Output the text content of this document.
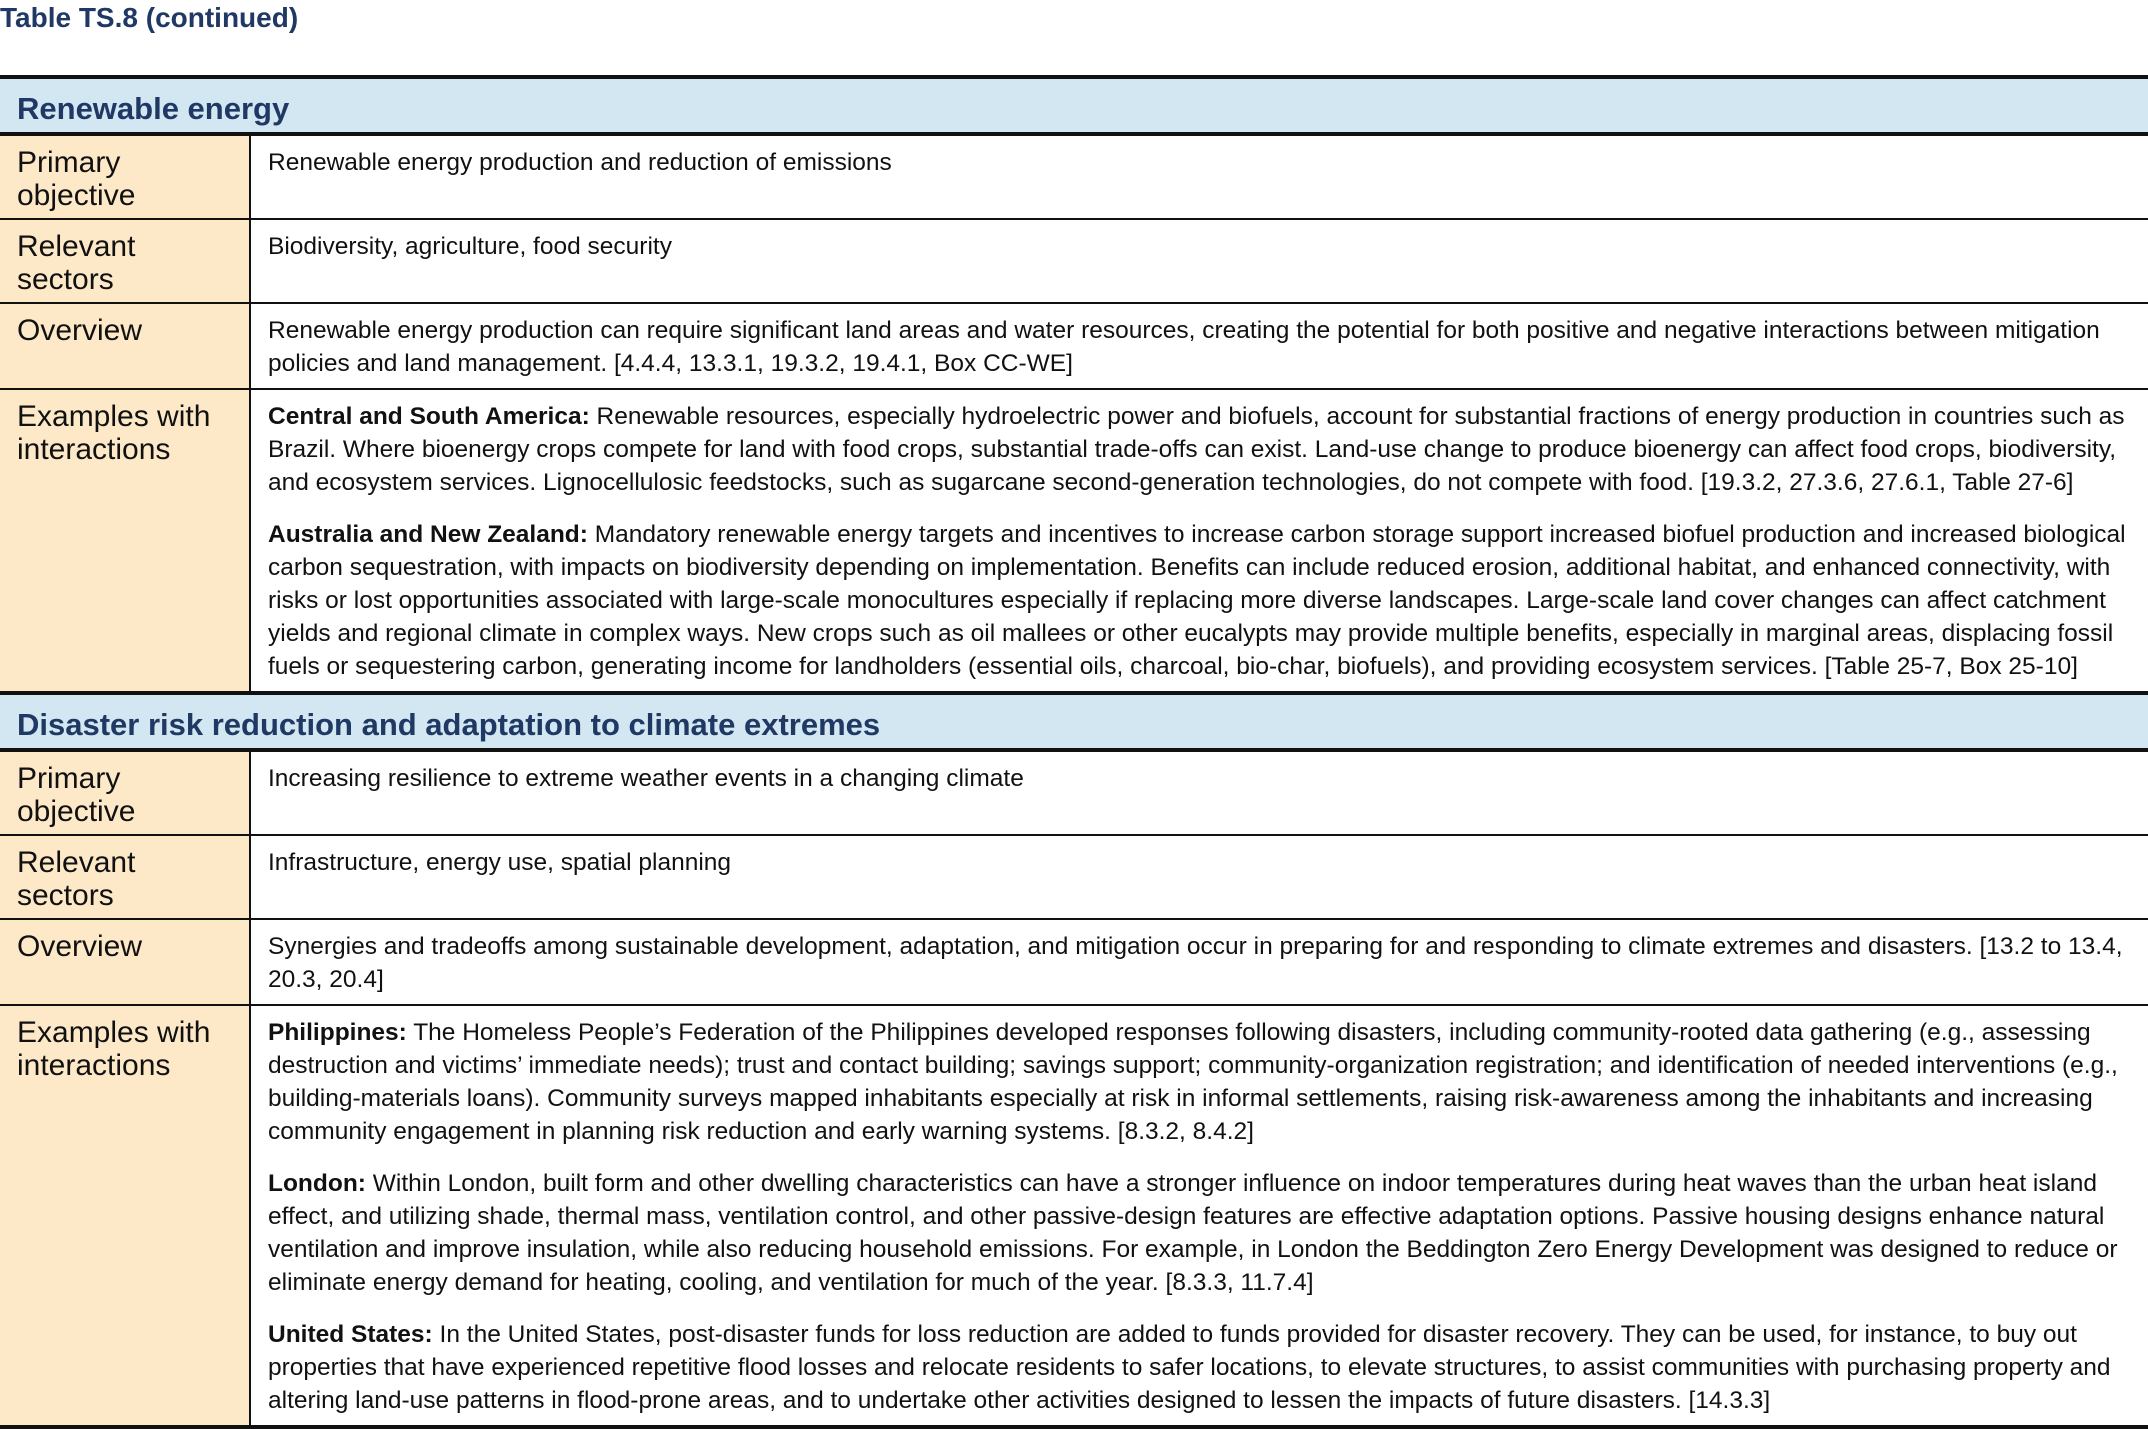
Table TS.8 (continued)
Renewable energy
Primary objective
Renewable energy production and reduction of emissions
Relevant sectors
Biodiversity, agriculture, food security
Overview	Renewable energy production can require significant land areas and water resources, creating the potential for both positive and negative interactions between mitigation policies and land management. [4.4.4, 13.3.1, 19.3.2, 19.4.1, Box CC-WE]
Examples with interactions
Central and South America: Renewable resources, especially hydroelectric power and biofuels, account for substantial fractions of energy production in countries such as Brazil. Where bioenergy crops compete for land with food crops, substantial trade-offs can exist. Land-use change to produce bioenergy can affect food crops, biodiversity, and ecosystem services. Lignocellulosic feedstocks, such as sugarcane second-generation technologies, do not compete with food. [19.3.2, 27.3.6, 27.6.1, Table 27-6]
Australia and New Zealand: Mandatory renewable energy targets and incentives to increase carbon storage support increased biofuel production and increased biological carbon sequestration, with impacts on biodiversity depending on implementation. Benefits can include reduced erosion, additional habitat, and enhanced connectivity, with risks or lost opportunities associated with large-scale monocultures especially if replacing more diverse landscapes. Large-scale land cover changes can affect catchment yields and regional climate in complex ways. New crops such as oil mallees or other eucalypts may provide multiple benefits, especially in marginal areas, displacing fossil fuels or sequestering carbon, generating income for landholders (essential oils, charcoal, bio-char, biofuels), and providing ecosystem services. [Table 25-7, Box 25-10]
Disaster risk reduction and adaptation to climate extremes
Primary objective
Increasing resilience to extreme weather events in a changing climate
Relevant sectors
Infrastructure, energy use, spatial planning
Overview	Synergies and tradeoffs among sustainable development, adaptation, and mitigation occur in preparing for and responding to climate extremes and disasters. [13.2 to 13.4, 20.3, 20.4]
Examples with interactions
Philippines: The Homeless People’s Federation of the Philippines developed responses following disasters, including community-rooted data gathering (e.g., assessing destruction and victims’ immediate needs); trust and contact building; savings support; community-organization registration; and identification of needed interventions (e.g., building-materials loans). Community surveys mapped inhabitants especially at risk in informal settlements, raising risk-awareness among the inhabitants and increasing community engagement in planning risk reduction and early warning systems. [8.3.2, 8.4.2]
London: Within London, built form and other dwelling characteristics can have a stronger influence on indoor temperatures during heat waves than the urban heat island effect, and utilizing shade, thermal mass, ventilation control, and other passive-design features are effective adaptation options. Passive housing designs enhance natural ventilation and improve insulation, while also reducing household emissions. For example, in London the Beddington Zero Energy Development was designed to reduce or eliminate energy demand for heating, cooling, and ventilation for much of the year. [8.3.3, 11.7.4]
United States: In the United States, post-disaster funds for loss reduction are added to funds provided for disaster recovery. They can be used, for instance, to buy out properties that have experienced repetitive flood losses and relocate residents to safer locations, to elevate structures, to assist communities with purchasing property and altering land-use patterns in flood-prone areas, and to undertake other activities designed to lessen the impacts of future disasters. [14.3.3]
